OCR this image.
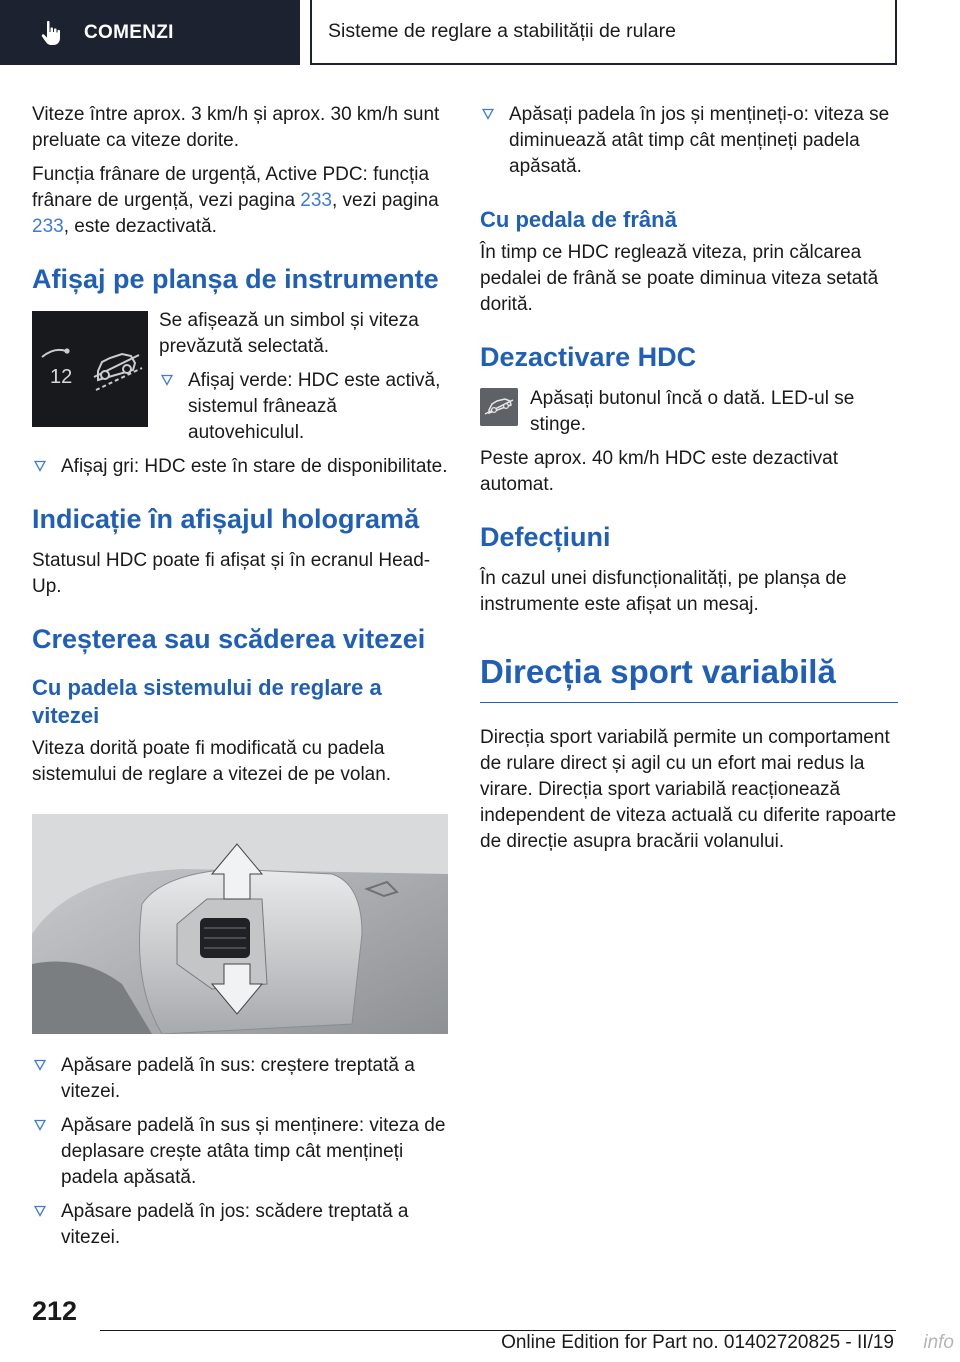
COMENZI	Sisteme de reglare a stabilității de rulare

Viteze între aprox. 3 km/h și aprox. 30 km/h sunt preluate ca viteze dorite.

Funcția frânare de urgență, Active PDC: funcția frânare de urgență, vezi pagina 233, vezi pagina 233, este dezactivată.

Afișaj pe planșa de instrumente
12

Se afișează un simbol și viteza prevăzută selectată.

Afișaj verde: HDC este activă, sistemul frânează autovehiculul.
Afișaj gri: HDC este în stare de disponibilitate.
Indicație în afișajul hologramă

Statusul HDC poate fi afișat și în ecranul Head-Up.

Creșterea sau scăderea vitezei
Cu padela sistemului de reglare a vitezei

Viteza dorită poate fi modificată cu padela sistemului de reglare a vitezei de pe volan.

Apăsare padelă în sus: creștere treptată a vitezei.
Apăsare padelă în sus și menținere: viteza de deplasare crește atâta timp cât mențineți padela apăsată.
Apăsare padelă în jos: scădere treptată a vitezei.
Apăsați padela în jos și mențineți-o: viteza se diminuează atât timp cât mențineți padela apăsată.
Cu pedala de frână

În timp ce HDC reglează viteza, prin călcarea pedalei de frână se poate diminua viteza setată dorită.

Dezactivare HDC

Apăsați butonul încă o dată. LED-ul se stinge.

Peste aprox. 40 km/h HDC este dezactivat automat.

Defecțiuni

În cazul unei disfuncționalități, pe planșa de instrumente este afișat un mesaj.

Direcția sport variabilă

Direcția sport variabilă permite un comportament de rulare direct și agil cu un efort mai redus la virare. Direcția sport variabilă reacționează independent de viteza actuală cu diferite rapoarte de direcție asupra bracării volanului.

212
Online Edition for Part no. 01402720825 - II/19 info
